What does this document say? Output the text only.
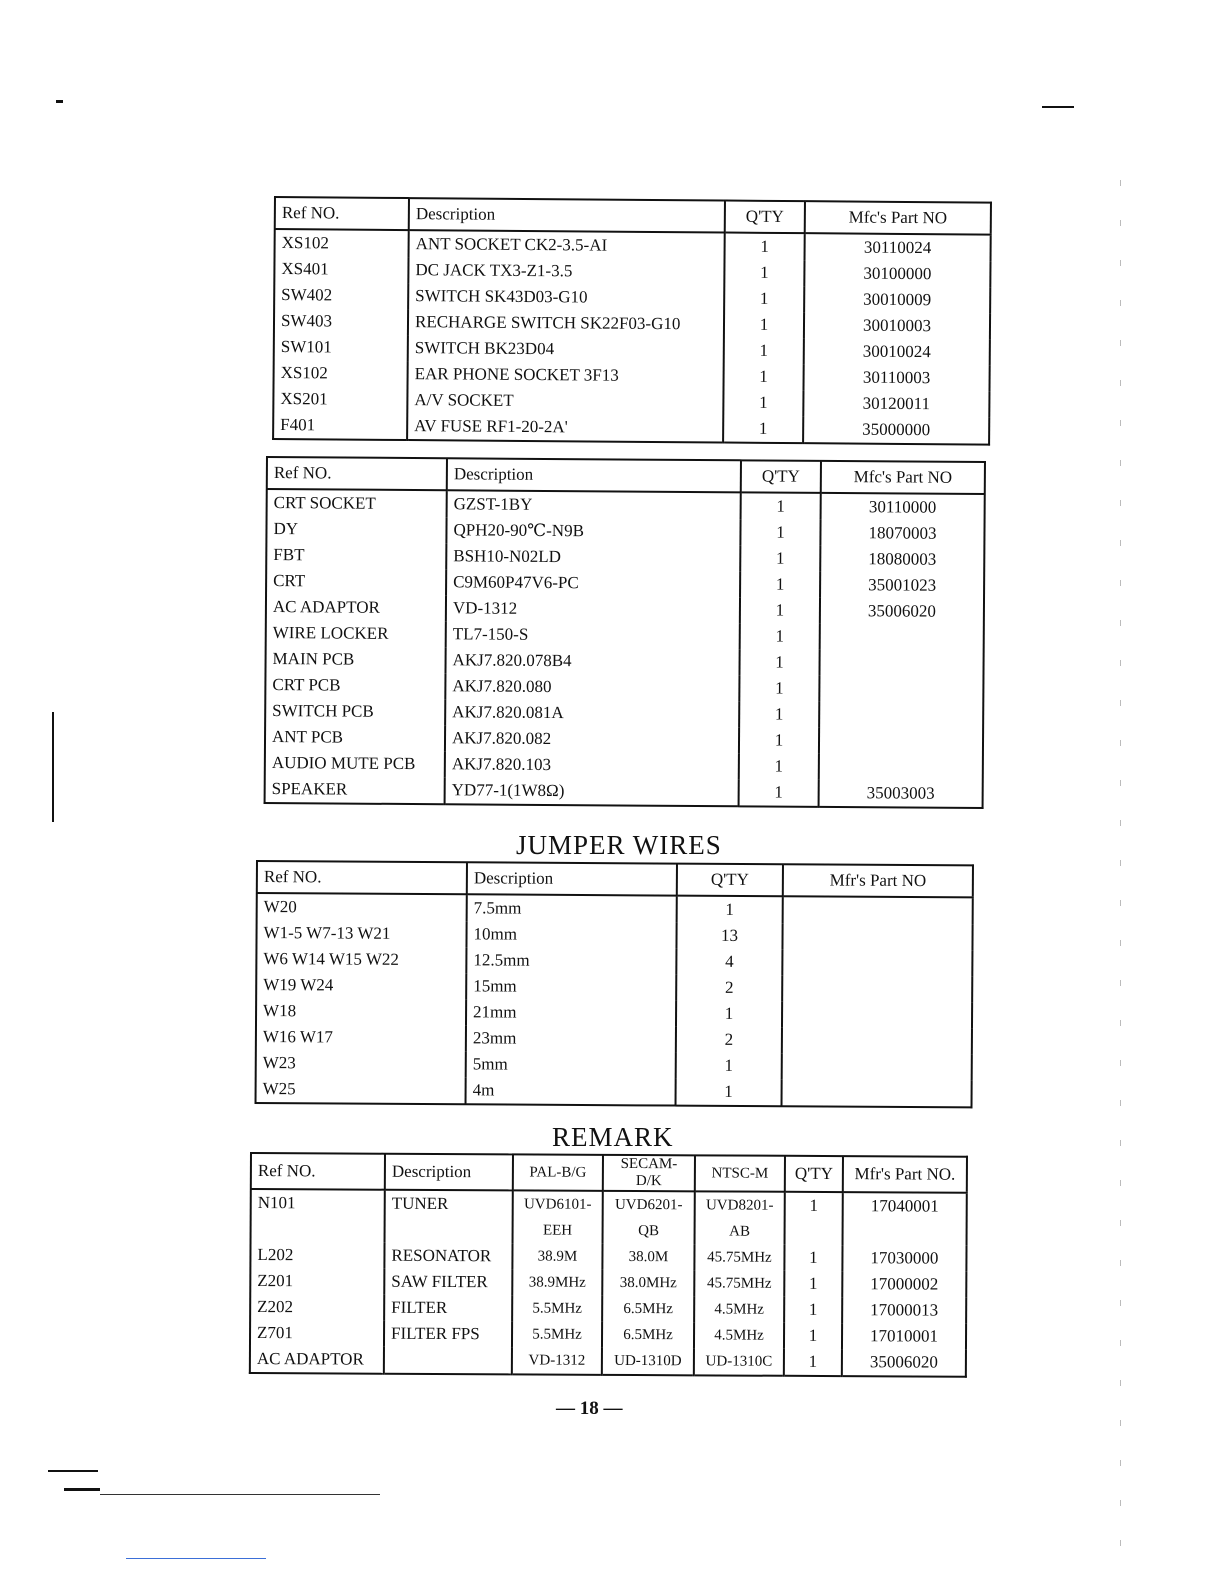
Ref NO.	Description	Q'TY	Mfc's Part NO
XS102	ANT SOCKET CK2-3.5-AI	1	30110024
XS401	DC JACK TX3-Z1-3.5	1	30100000
SW402	SWITCH SK43D03-G10	1	30010009
SW403	RECHARGE SWITCH SK22F03-G10	1	30010003
SW101	SWITCH BK23D04	1	30010024
XS102	EAR PHONE SOCKET 3F13	1	30110003
XS201	A/V SOCKET	1	30120011
F401	AV FUSE RF1-20-2A'	1	35000000
Ref NO.	Description	Q'TY	Mfc's Part NO
CRT SOCKET	GZST-1BY	1	30110000
DY	QPH20-90℃-N9B	1	18070003
FBT	BSH10-N02LD	1	18080003
CRT	C9M60P47V6-PC	1	35001023
AC ADAPTOR	VD-1312	1	35006020
WIRE LOCKER	TL7-150-S	1	
MAIN PCB	AKJ7.820.078B4	1	
CRT PCB	AKJ7.820.080	1	
SWITCH PCB	AKJ7.820.081A	1	
ANT PCB	AKJ7.820.082	1	
AUDIO MUTE PCB	AKJ7.820.103	1	
SPEAKER	YD77-1(1W8Ω)	1	35003003
JUMPER WIRES
Ref NO.	Description	Q'TY	Mfr's Part NO
W20	7.5mm	1	
W1-5 W7-13 W21	10mm	13	
W6 W14 W15 W22	12.5mm	4	
W19 W24	15mm	2	
W18	21mm	1	
W16 W17	23mm	2	
W23	5mm	1	
W25	4m	1	
REMARK
Ref NO.	Description	PAL-B/G	SECAM-D/K	NTSC-M	Q'TY	Mfr's Part NO.
N101	TUNER	UVD6101-EEH	UVD6201-QB	UVD8201-AB	1	17040001
L202	RESONATOR	38.9M	38.0M	45.75MHz	1	17030000
Z201	SAW FILTER	38.9MHz	38.0MHz	45.75MHz	1	17000002
Z202	FILTER	5.5MHz	6.5MHz	4.5MHz	1	17000013
Z701	FILTER FPS	5.5MHz	6.5MHz	4.5MHz	1	17010001
AC ADAPTOR		VD-1312	UD-1310D	UD-1310C	1	35006020
— 18 —
